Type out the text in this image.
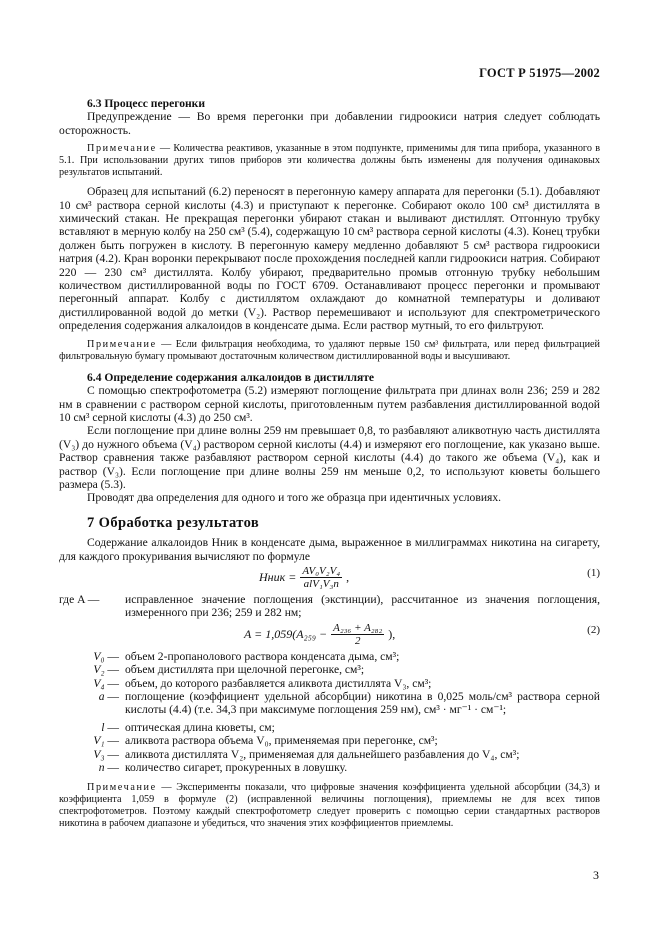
ГОСТ Р 51975—2002

6.3 Процесс перегонки

Предупреждение — Во время перегонки при добавлении гидроокиси натрия следует соблюдать осторожность.

Примечание — Количества реактивов, указанные в этом подпункте, применимы для типа прибора, указанного в 5.1. При использовании других типов приборов эти количества должны быть изменены для получения одинаковых результатов испытаний.

Образец для испытаний (6.2) переносят в перегонную камеру аппарата для перегонки (5.1). Добавляют 10 см³ раствора серной кислоты (4.3) и приступают к перегонке. Собирают около 100 см³ дистиллята в химический стакан. Не прекращая перегонки убирают стакан и выливают дистиллят. Отгонную трубку вставляют в мерную колбу на 250 см³ (5.4), содержащую 10 см³ раствора серной кислоты (4.3). Конец трубки должен быть погружен в кислоту. В перегонную камеру медленно добавляют 5 см³ раствора гидроокиси натрия (4.2). Кран воронки перекрывают после прохождения последней капли гидроокиси натрия. Собирают 220 — 230 см³ дистиллята. Колбу убирают, предварительно промыв отгонную трубку небольшим количеством дистиллированной воды по ГОСТ 6709. Останавливают процесс перегонки и промывают перегонный аппарат. Колбу с дистиллятом охлаждают до комнатной температуры и доливают дистиллированной водой до метки (V₂). Раствор перемешивают и используют для спектрометрического определения содержания алкалоидов в конденсате дыма. Если раствор мутный, то его фильтруют.

Примечание — Если фильтрация необходима, то удаляют первые 150 см³ фильтрата, или перед фильтрацией фильтровальную бумагу промывают достаточным количеством дистиллированной воды и высушивают.

6.4 Определение содержания алкалоидов в дистилляте

С помощью спектрофотометра (5.2) измеряют поглощение фильтрата при длинах волн 236; 259 и 282 нм в сравнении с раствором серной кислоты, приготовленным путем разбавления дистиллированной водой 10 см³ серной кислоты (4.3) до 250 см³.

Если поглощение при длине волны 259 нм превышает 0,8, то разбавляют аликвотную часть дистиллята (V₃) до нужного объема (V₄) раствором серной кислоты (4.4) и измеряют его поглощение, как указано выше. Раствор сравнения также разбавляют раствором серной кислоты (4.4) до такого же объема (V₄), как и раствор (V₃). Если поглощение при длине волны 259 нм меньше 0,2, то используют кюветы большего размера (5.3).

Проводят два определения для одного и того же образца при идентичных условиях.

7 Обработка результатов

Содержание алкалоидов Hник в конденсате дыма, выраженное в миллиграммах никотина на сигарету, для каждого прокуривания вычисляют по формуле

Hник = $\frac{\text{AV₀V₂V₄}}{\text{alV₁V₃n}}$ ,	(1)
где A —	исправленное значение поглощения (экстинции), рассчитанное из значения поглощения, измеренного при 236; 259 и 282 нм;
$A = 1,059(A_{259} - \frac{\text{A₂₃₆ + A₂₈₂}}{2}$ ),	(2)
V₀ — объем 2-пропанолового раствора конденсата дыма, см³;
V₂ — объем дистиллята при щелочной перегонке, см³;
V₄ — объем, до которого разбавляется аликвота дистиллята V₃, см³;
a — поглощение (коэффициент удельной абсорбции) никотина в 0,025 моль/см³ раствора серной кислоты (4.4) (т.е. 34,3 при максимуме поглощения 259 нм), см³ · мг⁻¹ · см⁻¹;
l — оптическая длина кюветы, см;
V₁ — аликвота раствора объема V₀, применяемая при перегонке, см³;
V₃ — аликвота дистиллята V₂, применяемая для дальнейшего разбавления до V₄, см³;
n — количество сигарет, прокуренных в ловушку.

Примечание — Эксперименты показали, что цифровые значения коэффициента удельной абсорбции (34,3) и коэффициента 1,059 в формуле (2) (исправленной величины поглощения), приемлемы не для всех типов спектрофотометров. Поэтому каждый спектрофотометр следует проверить с помощью серии стандартных растворов никотина в рабочем диапазоне и убедиться, что значения этих коэффициентов приемлемы.

3
